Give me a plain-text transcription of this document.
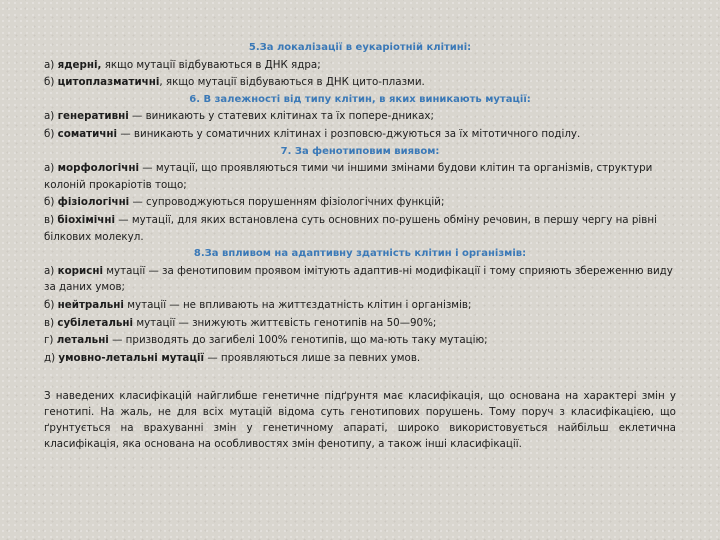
5.За локалізації в еукаріотній клітині:
а) ядерні, якщо мутації відбуваються в ДНК ядра;
б) цитоплазматичні, якщо мутації відбуваються в ДНК цито-плазми.
6. В залежності від типу клітин, в яких виникають мутації:
а) генеративні — виникають у статевих клітинах та їх попере-дниках;
б) соматичні — виникають у соматичних клітинах і розповсю-джуються за їх мітотичного поділу.
7. За фенотиповим виявом:
а) морфологічні — мутації, що проявляються тими чи іншими змінами будови клітин та організмів, структури колоній прокаріотів тощо;
б) фізіологічні — супроводжуються порушенням фізіологічних функцій;
в) біохімічні — мутації, для яких встановлена суть основних по-рушень обміну речовин, в першу чергу на рівні білкових молекул.
8.За впливом на адаптивну здатність клітин і організмів:
а) корисні мутації — за фенотиповим проявом імітують адаптив-ні модифікації і тому сприяють збереженню виду за даних умов;
б) нейтральні мутації — не впливають на життєздатність клітин і організмів;
в) субілетальні мутації — знижують життєвість генотипів на 50—90%;
г) летальні — призводять до загибелі 100% генотипів, що ма-ють таку мутацію;
д) умовно-летальні мутації — проявляються лише за певних умов.
З наведених класифікацій найглибше генетичне підґрунтя має класифікація, що основана на характері змін у генотипі. На жаль, не для всіх мутацій відома суть генотипових порушень. Тому поруч з класифікацією, що ґрунтується на врахуванні змін у генетичному апараті, широко використовується найбільш еклетична класифікація, яка основана на особливостях змін фенотипу, а також інші класифікації.
